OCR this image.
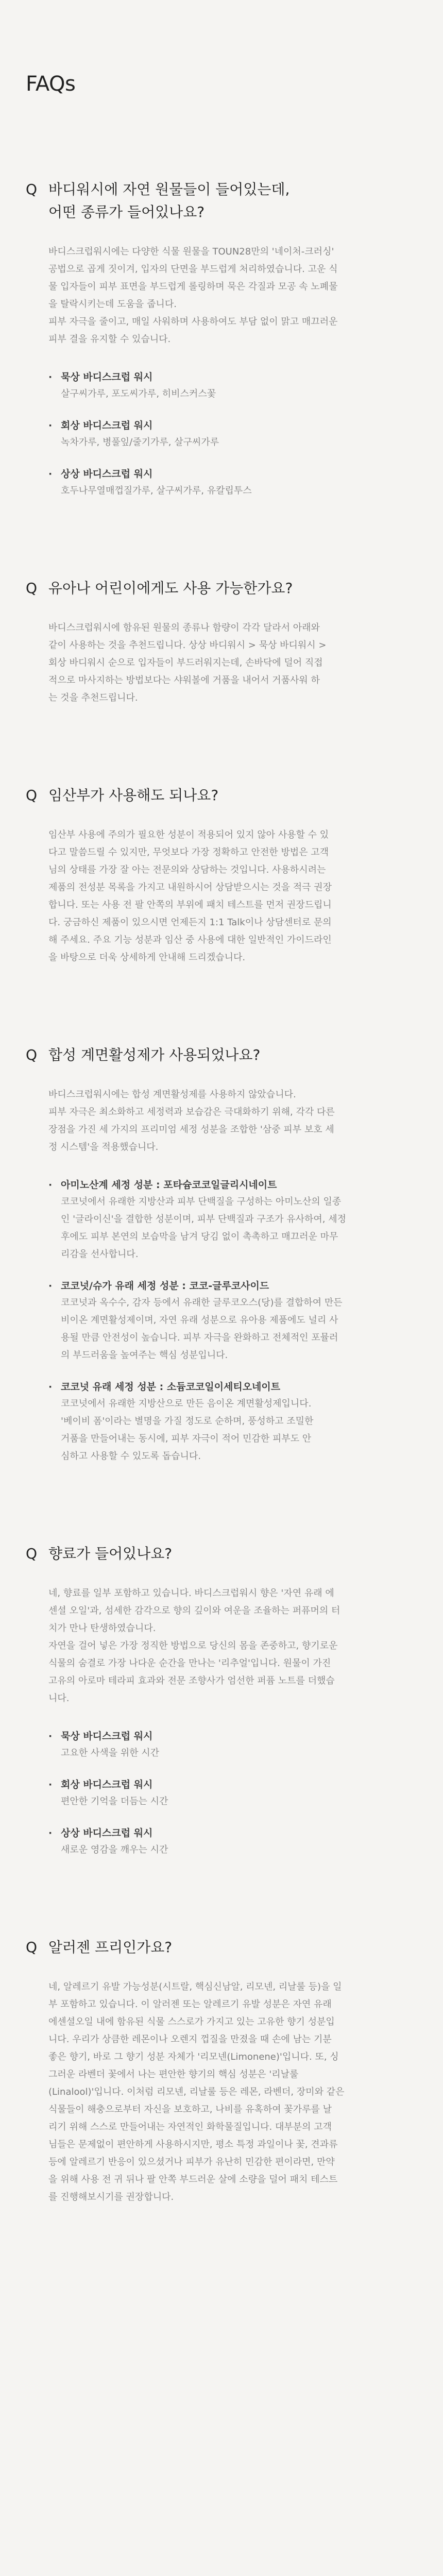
FAQs
Q 바디워시에 자연 원물들이 들어있는데,
어떤 종류가 들어있나요?

바디스크럽워시에는 다양한 식물 원물을 TOUN28만의 '네이처-크러싱'
공법으로 곱게 짓이겨, 입자의 단면을 부드럽게 처리하였습니다. 고운 식
물 입자들이 피부 표면을 부드럽게 롤링하며 묵은 각질과 모공 속 노폐물
을 탈락시키는데 도움을 줍니다.

피부 자극을 줄이고, 매일 사워하며 사용하여도 부담 없이 맑고 매끄러운
피부 결을 유지할 수 있습니다.

· 묵상 바디스크럽 워시
살구씨가루, 포도씨가루, 히비스커스꽃
· 회상 바디스크럽 워시
녹차가루, 병풀잎/줄기가루, 살구씨가루
· 상상 바디스크럽 워시
호두나무열매껍질가루, 살구씨가루, 유칼립투스
Q 유아나 어린이에게도 사용 가능한가요?

바디스크럽워시에 함유된 원물의 종류나 함량이 각각 달라서 아래와
같이 사용하는 것을 추천드립니다. 상상 바디워시 > 묵상 바디워시 >
회상 바디워시 순으로 입자들이 부드러워지는데, 손바닥에 덜어 직접
적으로 마사지하는 방법보다는 샤워볼에 거품을 내어서 거품사워 하
는 것을 추천드립니다.

Q 임산부가 사용해도 되나요?

임산부 사용에 주의가 필요한 성분이 적용되어 있지 않아 사용할 수 있
다고 말씀드릴 수 있지만, 무엇보다 가장 정확하고 안전한 방법은 고객
님의 상태를 가장 잘 아는 전문의와 상담하는 것입니다. 사용하시려는
제품의 전성분 목록을 가지고 내원하시어 상담받으시는 것을 적극 권장
합니다. 또는 사용 전 팔 안쪽의 부위에 패치 테스트를 먼저 권장드립니
다. 궁금하신 제품이 있으시면 언제든지 1:1 Talk이나 상담센터로 문의
해 주세요. 주요 기능 성분과 임산 중 사용에 대한 일반적인 가이드라인
을 바탕으로 더욱 상세하게 안내해 드리겠습니다.

Q 합성 계면활성제가 사용되었나요?

바디스크럽워시에는 합성 계면활성제를 사용하지 않았습니다.
피부 자극은 최소화하고 세정력과 보습감은 극대화하기 위해, 각각 다른
장점을 가진 세 가지의 프리미엄 세정 성분을 조합한 '삼중 피부 보호 세
정 시스템'을 적용했습니다.

· 아미노산계 세정 성분 : 포타슘코코일글리시네이트
코코넛에서 유래한 지방산과 피부 단백질을 구성하는 아미노산의 일종
인 '글라이신'을 결합한 성분이며, 피부 단백질과 구조가 유사하여, 세정
후에도 피부 본연의 보습막을 남겨 당김 없이 촉촉하고 매끄러운 마무
리감을 선사합니다.
· 코코넛/슈가 유래 세정 성분 : 코코-글루코사이드
코코넛과 옥수수, 감자 등에서 유래한 글루코오스(당)를 결합하여 만든
비이온 계면활성제이며, 자연 유래 성분으로 유아용 제품에도 널리 사
용될 만큼 안전성이 높습니다. 피부 자극을 완화하고 전체적인 포뮬러
의 부드러움을 높여주는 핵심 성분입니다.
· 코코넛 유래 세정 성분 : 소듐코코일이세티오네이트
코코넛에서 유래한 지방산으로 만든 음이온 계면활성제입니다.
'베이비 폼'이라는 별명을 가질 정도로 순하며, 풍성하고 조밀한
거품을 만들어내는 동시에, 피부 자극이 적어 민감한 피부도 안
심하고 사용할 수 있도록 돕습니다.
Q 향료가 들어있나요?

네, 향료를 일부 포함하고 있습니다. 바디스크럽워시 향은 '자연 유래 에
센셜 오일'과, 섬세한 감각으로 향의 깊이와 여운을 조율하는 퍼퓨머의 터
치가 만나 탄생하였습니다.

자연을 걸어 넣은 가장 정직한 방법으로 당신의 몸을 존중하고, 향기로운
식물의 숨결로 가장 나다운 순간을 만나는 '리추얼'입니다. 원물이 가진
고유의 아로마 테라피 효과와 전문 조향사가 엄선한 퍼퓸 노트를 더했습
니다.

· 묵상 바디스크럽 워시
고요한 사색을 위한 시간
· 회상 바디스크럽 워시
편안한 기억을 더듬는 시간
· 상상 바디스크럽 워시
새로운 영감을 깨우는 시간
Q 알러젠 프리인가요?

네, 알레르기 유발 가능성분(시트랄, 핵심신남알, 리모넨, 리날룰 등)을 일
부 포함하고 있습니다. 이 알러젠 또는 알레르기 유발 성분은 자연 유래
에센셜오일 내에 함유된 식물 스스로가 가지고 있는 고유한 향기 성분입
니다. 우리가 상큼한 레몬이나 오렌지 껍질을 만졌을 때 손에 남는 기분
좋은 향기, 바로 그 향기 성분 자체가 '리모넨(Limonene)'입니다. 또, 싱
그러운 라벤더 꽃에서 나는 편안한 향기의 핵심 성분은 '리날룰
(Linalool)'입니다. 이처럼 리모넨, 리날룰 등은 레몬, 라벤더, 장미와 같은
식물들이 해충으로부터 자신을 보호하고, 나비를 유혹하여 꽃가루를 날
리기 위해 스스로 만들어내는 자연적인 화학물질입니다. 대부분의 고객
님들은 문제없이 편안하게 사용하시지만, 평소 특정 과일이나 꽃, 견과류
등에 알레르기 반응이 있으셨거나 피부가 유난히 민감한 편이라면, 만약
을 위해 사용 전 귀 뒤나 팔 안쪽 부드러운 살에 소량을 덜어 패치 테스트
를 진행해보시기를 권장합니다.
